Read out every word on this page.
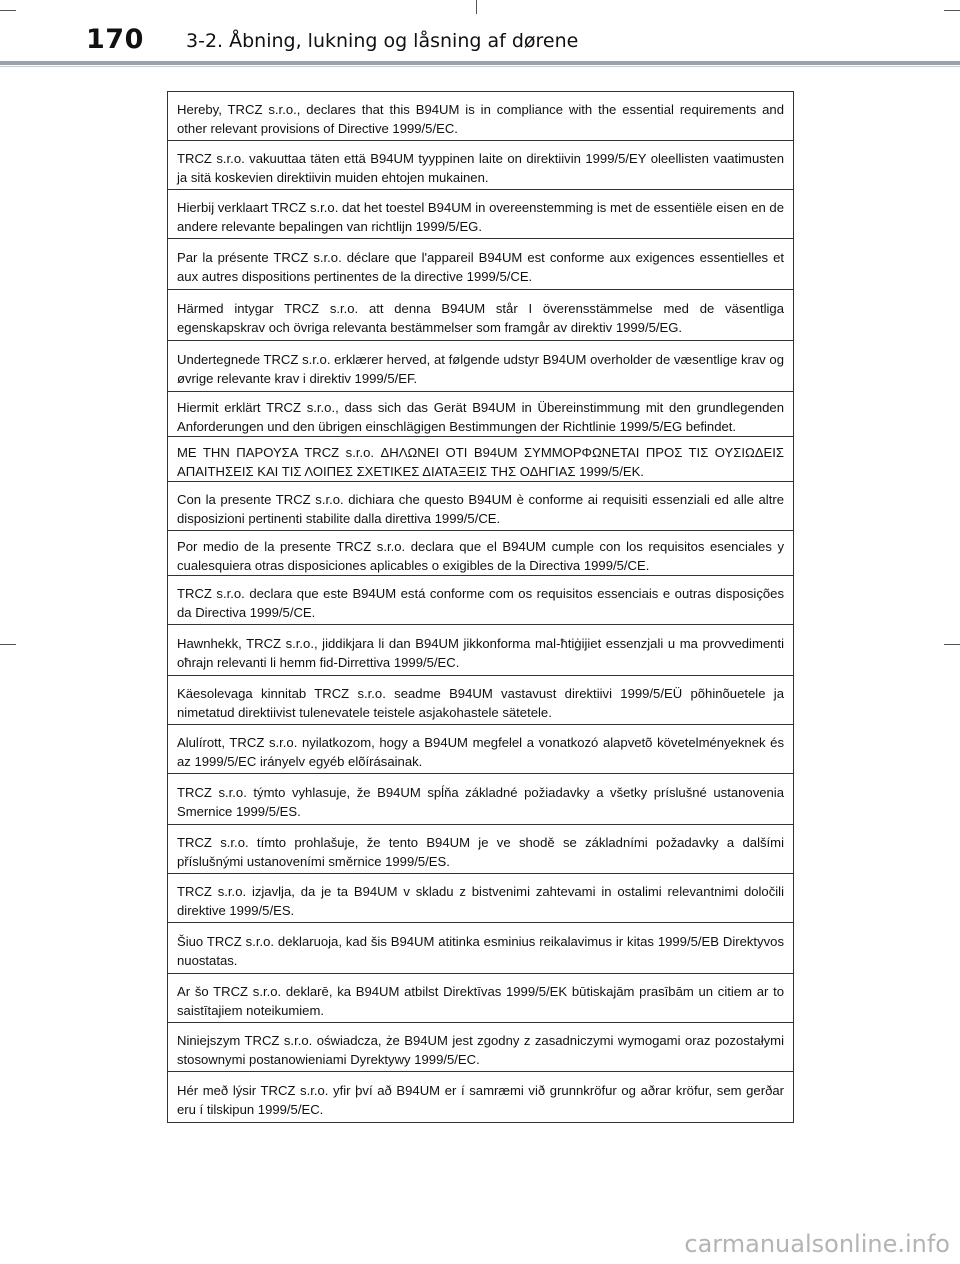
170 3-2. Åbning, lukning og låsning af dørene
Hereby, TRCZ s.r.o., declares that this B94UM is in compliance with the essential requirements and other relevant provisions of Directive 1999/5/EC.
TRCZ s.r.o. vakuuttaa täten että B94UM tyyppinen laite on direktiivin 1999/5/EY oleellisten vaatimusten ja sitä koskevien direktiivin muiden ehtojen mukainen.
Hierbij verklaart TRCZ s.r.o. dat het toestel B94UM in overeenstemming is met de essentiële eisen en de andere relevante bepalingen van richtlijn 1999/5/EG.
Par la présente TRCZ s.r.o. déclare que l'appareil B94UM est conforme aux exigences essentielles et aux autres dispositions pertinentes de la directive 1999/5/CE.
Härmed intygar TRCZ s.r.o. att denna B94UM står I överensstämmelse med de väsentliga egenskapskrav och övriga relevanta bestämmelser som framgår av direktiv 1999/5/EG.
Undertegnede TRCZ s.r.o. erklærer herved, at følgende udstyr B94UM overholder de væsentlige krav og øvrige relevante krav i direktiv 1999/5/EF.
Hiermit erklärt TRCZ s.r.o., dass sich das Gerät B94UM in Übereinstimmung mit den grundlegenden Anforderungen und den übrigen einschlägigen Bestimmungen der Richtlinie 1999/5/EG befindet.
ΜΕ ΤΗΝ ΠΑΡΟΥΣΑ TRCZ s.r.o. ΔΗΛΩΝΕΙ ΟΤΙ B94UM ΣΥΜΜΟΡΦΩΝΕΤΑΙ ΠΡΟΣ ΤΙΣ ΟΥΣΙΩΔΕΙΣ ΑΠΑΙΤΗΣΕΙΣ ΚΑΙ ΤΙΣ ΛΟΙΠΕΣ ΣΧΕΤΙΚΕΣ ΔΙΑΤΑΞΕΙΣ ΤΗΣ ΟΔΗΓΙΑΣ 1999/5/ΕΚ.
Con la presente TRCZ s.r.o. dichiara che questo B94UM è conforme ai requisiti essenziali ed alle altre disposizioni pertinenti stabilite dalla direttiva 1999/5/CE.
Por medio de la presente TRCZ s.r.o. declara que el B94UM cumple con los requisitos esenciales y cualesquiera otras disposiciones aplicables o exigibles de la Directiva 1999/5/CE.
TRCZ s.r.o. declara que este B94UM está conforme com os requisitos essenciais e outras disposições da Directiva 1999/5/CE.
Hawnhekk, TRCZ s.r.o., jiddikjara li dan B94UM jikkonforma mal-ħtiġijiet essenzjali u ma provvedimenti oħrajn relevanti li hemm fid-Dirrettiva 1999/5/EC.
Käesolevaga kinnitab TRCZ s.r.o. seadme B94UM vastavust direktiivi 1999/5/EÜ põhinõuetele ja nimetatud direktiivist tulenevatele teistele asjakohastele sätetele.
Alulírott, TRCZ s.r.o. nyilatkozom, hogy a B94UM megfelel a vonatkozó alapvetõ követelményeknek és az 1999/5/EC irányelv egyéb elõírásainak.
TRCZ s.r.o. týmto vyhlasuje, že B94UM spĺňa základné požiadavky a všetky príslušné ustanovenia Smernice 1999/5/ES.
TRCZ s.r.o. tímto prohlašuje, že tento B94UM je ve shodě se základními požadavky a dalšími příslušnými ustanoveními směrnice 1999/5/ES.
TRCZ s.r.o. izjavlja, da je ta B94UM v skladu z bistvenimi zahtevami in ostalimi relevantnimi določili direktive 1999/5/ES.
Šiuo TRCZ s.r.o. deklaruoja, kad šis B94UM atitinka esminius reikalavimus ir kitas 1999/5/EB Direktyvos nuostatas.
Ar šo TRCZ s.r.o. deklarē, ka B94UM atbilst Direktīvas 1999/5/EK būtiskajām prasībām un citiem ar to saistītajiem noteikumiem.
Niniejszym TRCZ s.r.o. oświadcza, że B94UM jest zgodny z zasadniczymi wymogami oraz pozostałymi stosownymi postanowieniami Dyrektywy 1999/5/EC.
Hér með lýsir TRCZ s.r.o. yfir því að B94UM er í samræmi við grunnkröfur og aðrar kröfur, sem gerðar eru í tilskipun 1999/5/EC.
carmanualsonline.info
